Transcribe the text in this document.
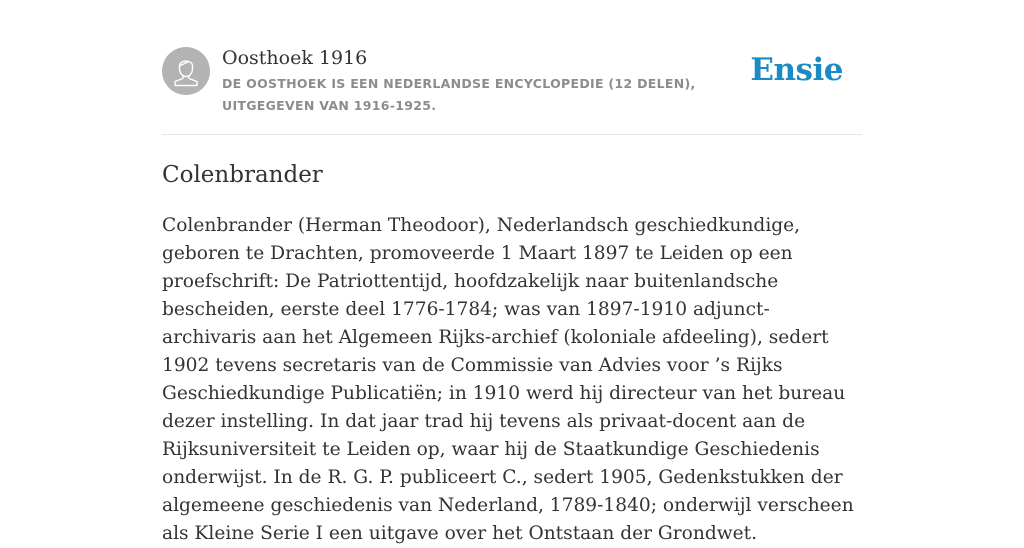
Oosthoek 1916
DE OOSTHOEK IS EEN NEDERLANDSE ENCYCLOPEDIE (12 DELEN), UITGEGEVEN VAN 1916-1925.
Ensie
Colenbrander

Colenbrander (Herman Theodoor), Nederlandsch geschiedkundige, geboren te Drachten, promoveerde 1 Maart 1897 te Leiden op een proefschrift: De Patriottentijd, hoofdzakelijk naar buitenlandsche bescheiden, eerste deel 1776-1784; was van 1897-1910 adjunct-archivaris aan het Algemeen Rijks-archief (koloniale afdeeling), sedert 1902 tevens secretaris van de Commissie van Advies voor ’s Rijks Geschiedkundige Publicatiën; in 1910 werd hij directeur van het bureau dezer instelling. In dat jaar trad hij tevens als privaat-docent aan de Rijksuniversiteit te Leiden op, waar hij de Staatkundige Geschiedenis onderwijst. In de R. G. P. publiceert C., sedert 1905, Gedenkstukken der algemeene geschiedenis van Nederland, 1789-1840; onderwijl verscheen als Kleine Serie I een uitgave over het Ontstaan der Grondwet.
